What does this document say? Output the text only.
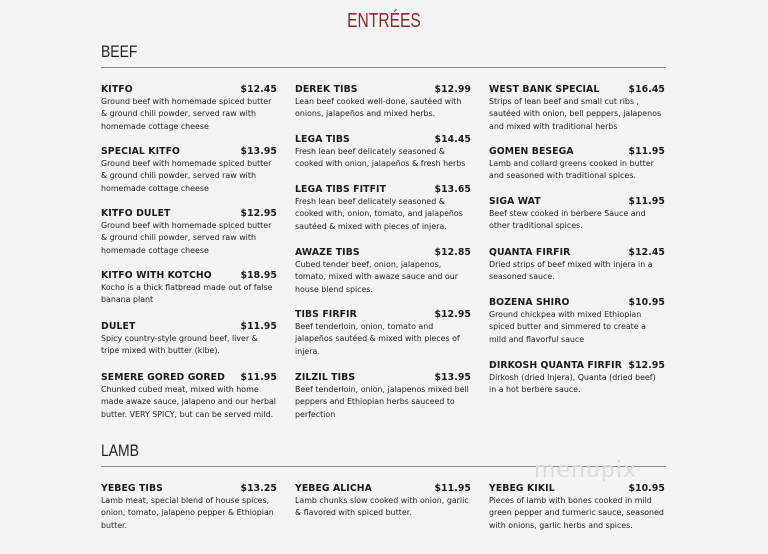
ENTRÉES
BEEF
LAMB
menupix
KITFO	$12.45
Ground beef with homemade spiced butter & ground chili powder, served raw with homemade cottage cheese
SPECIAL KITFO	$13.95
Ground beef with homemade spiced butter & ground chili powder, served raw with homemade cottage cheese
KITFO DULET	$12.95
Ground beef with homemade spiced butter & ground chili powder, served raw with homemade cottage cheese
KITFO WITH KOTCHO	$18.95
Kocho is a thick flatbread made out of false banana plant
DULET	$11.95
Spicy country-style ground beef, liver & tripe mixed with butter (kibe).
SEMERE GORED GORED $11.95
Chunked cubed meat, mixed with home made awaze sauce, jalapeno and our herbal butter. VERY SPICY, but can be served mild.
DEREK TIBS	$12.99
Lean beef cooked well-done, sautéed with onions, jalapeños and mixed herbs.
LEGA TIBS	$14.45
Fresh lean beef delicately seasoned & cooked with onion, jalapeños & fresh herbs
LEGA TIBS FITFIT	$13.65
Fresh lean beef delicately seasoned & cooked with, onion, tomato, and jalapeños sautéed & mixed with pieces of injera.
AWAZE TIBS	$12.85
Cubed tender beef, onion, jalapenos, tomato, mixed with awaze sauce and our house blend spices.
TIBS FIRFIR	$12.95
Beef tenderloin, onion, tomato and jalapeños sautéed & mixed with pieces of injera.
ZILZIL TIBS	$13.95
Beef tenderloin, onion, jalapenos mixed bell peppers and Ethiopian herbs sauceed to perfection
WEST BANK SPECIAL	$16.45
Strips of lean beef and small cut ribs , sautéed with onion, bell peppers, jalapenos and mixed with traditional herbs
GOMEN BESEGA	$11.95
Lamb and collard greens cooked in butter and seasoned with traditional spices.
SIGA WAT	$11.95
Beef stew cooked in berbere Sauce and other traditional spices.
QUANTA FIRFIR	$12.45
Dried strips of beef mixed with injera in a seasoned sauce.
BOZENA SHIRO	$10.95
Ground chickpea with mixed Ethiopian spiced butter and simmered to create a mild and flavorful sauce
DIRKOSH QUANTA FIRFIR $12.95
Dirkosh (dried Injera), Quanta (dried beef) in a hot berbere sauce.
YEBEG TIBS	$13.25
Lamb meat, special blend of house spices, onion, tomato, jalapeno pepper & Ethiopian butter.
YEBEG ALICHA	$11.95
Lamb chunks slow cooked with onion, garlic & flavored with spiced butter.
YEBEG KIKIL	$10.95
Pieces of lamb with bones cooked in mild green pepper and turmeric sauce, seasoned with onions, garlic herbs and spices.
